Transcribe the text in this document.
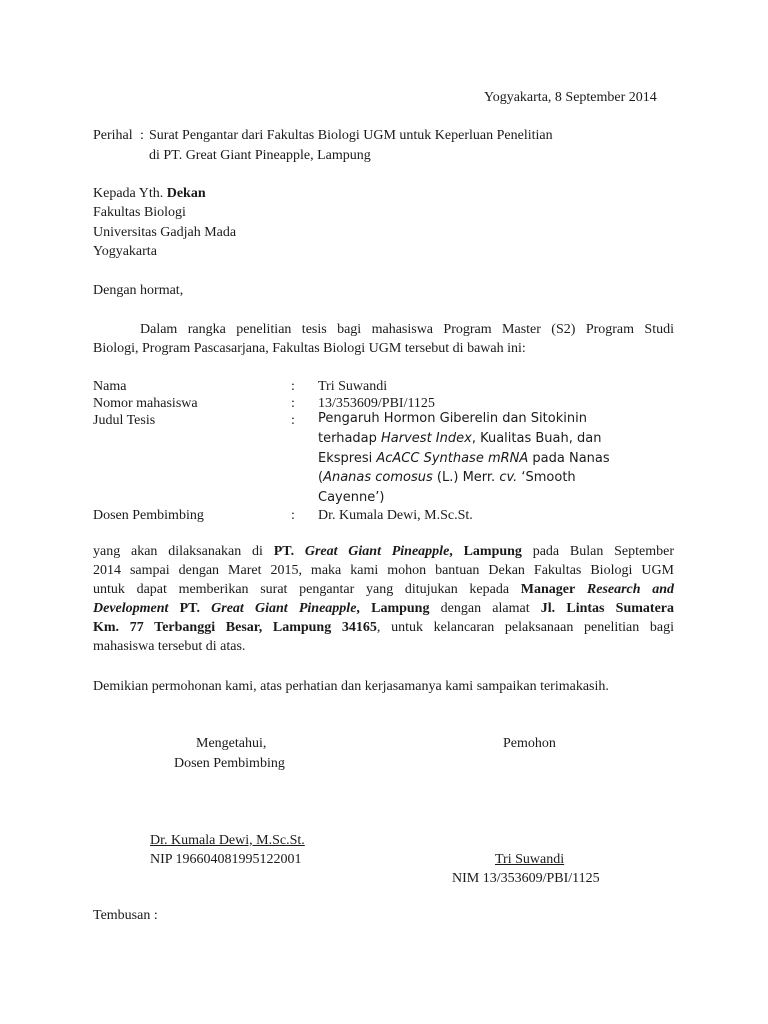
Yogyakarta, 8 September 2014
Perihal : Surat Pengantar dari Fakultas Biologi UGM untuk Keperluan Penelitian
di PT. Great Giant Pineapple, Lampung
Kepada Yth. Dekan
Fakultas Biologi
Universitas Gadjah Mada
Yogyakarta
Dengan hormat,
Dalam rangka penelitian tesis bagi mahasiswa Program Master (S2) Program Studi
Biologi, Program Pascasarjana, Fakultas Biologi UGM tersebut di bawah ini:
Nama	: Tri Suwandi
Nomor mahasiswa	: 13/353609/PBI/1125
Judul Tesis	: Pengaruh Hormon Giberelin dan Sitokinin
terhadap Harvest Index, Kualitas Buah, dan
Ekspresi AcACC Synthase mRNA pada Nanas
(Ananas comosus (L.) Merr. cv. ‘Smooth
Cayenne’)
Dosen Pembimbing	: Dr. Kumala Dewi, M.Sc.St.
yang akan dilaksanakan di PT. Great Giant Pineapple, Lampung pada Bulan September
2014 sampai dengan Maret 2015, maka kami mohon bantuan Dekan Fakultas Biologi UGM
untuk dapat memberikan surat pengantar yang ditujukan kepada Manager Research and
Development PT. Great Giant Pineapple, Lampung dengan alamat Jl. Lintas Sumatera
Km. 77 Terbanggi Besar, Lampung 34165, untuk kelancaran pelaksanaan penelitian bagi
mahasiswa tersebut di atas.
Demikian permohonan kami, atas perhatian dan kerjasamanya kami sampaikan terimakasih.
Mengetahui,
Dosen Pembimbing
Dr. Kumala Dewi, M.Sc.St.
NIP 196604081995122001
Pemohon
Tri Suwandi
NIM 13/353609/PBI/1125
Tembusan :
